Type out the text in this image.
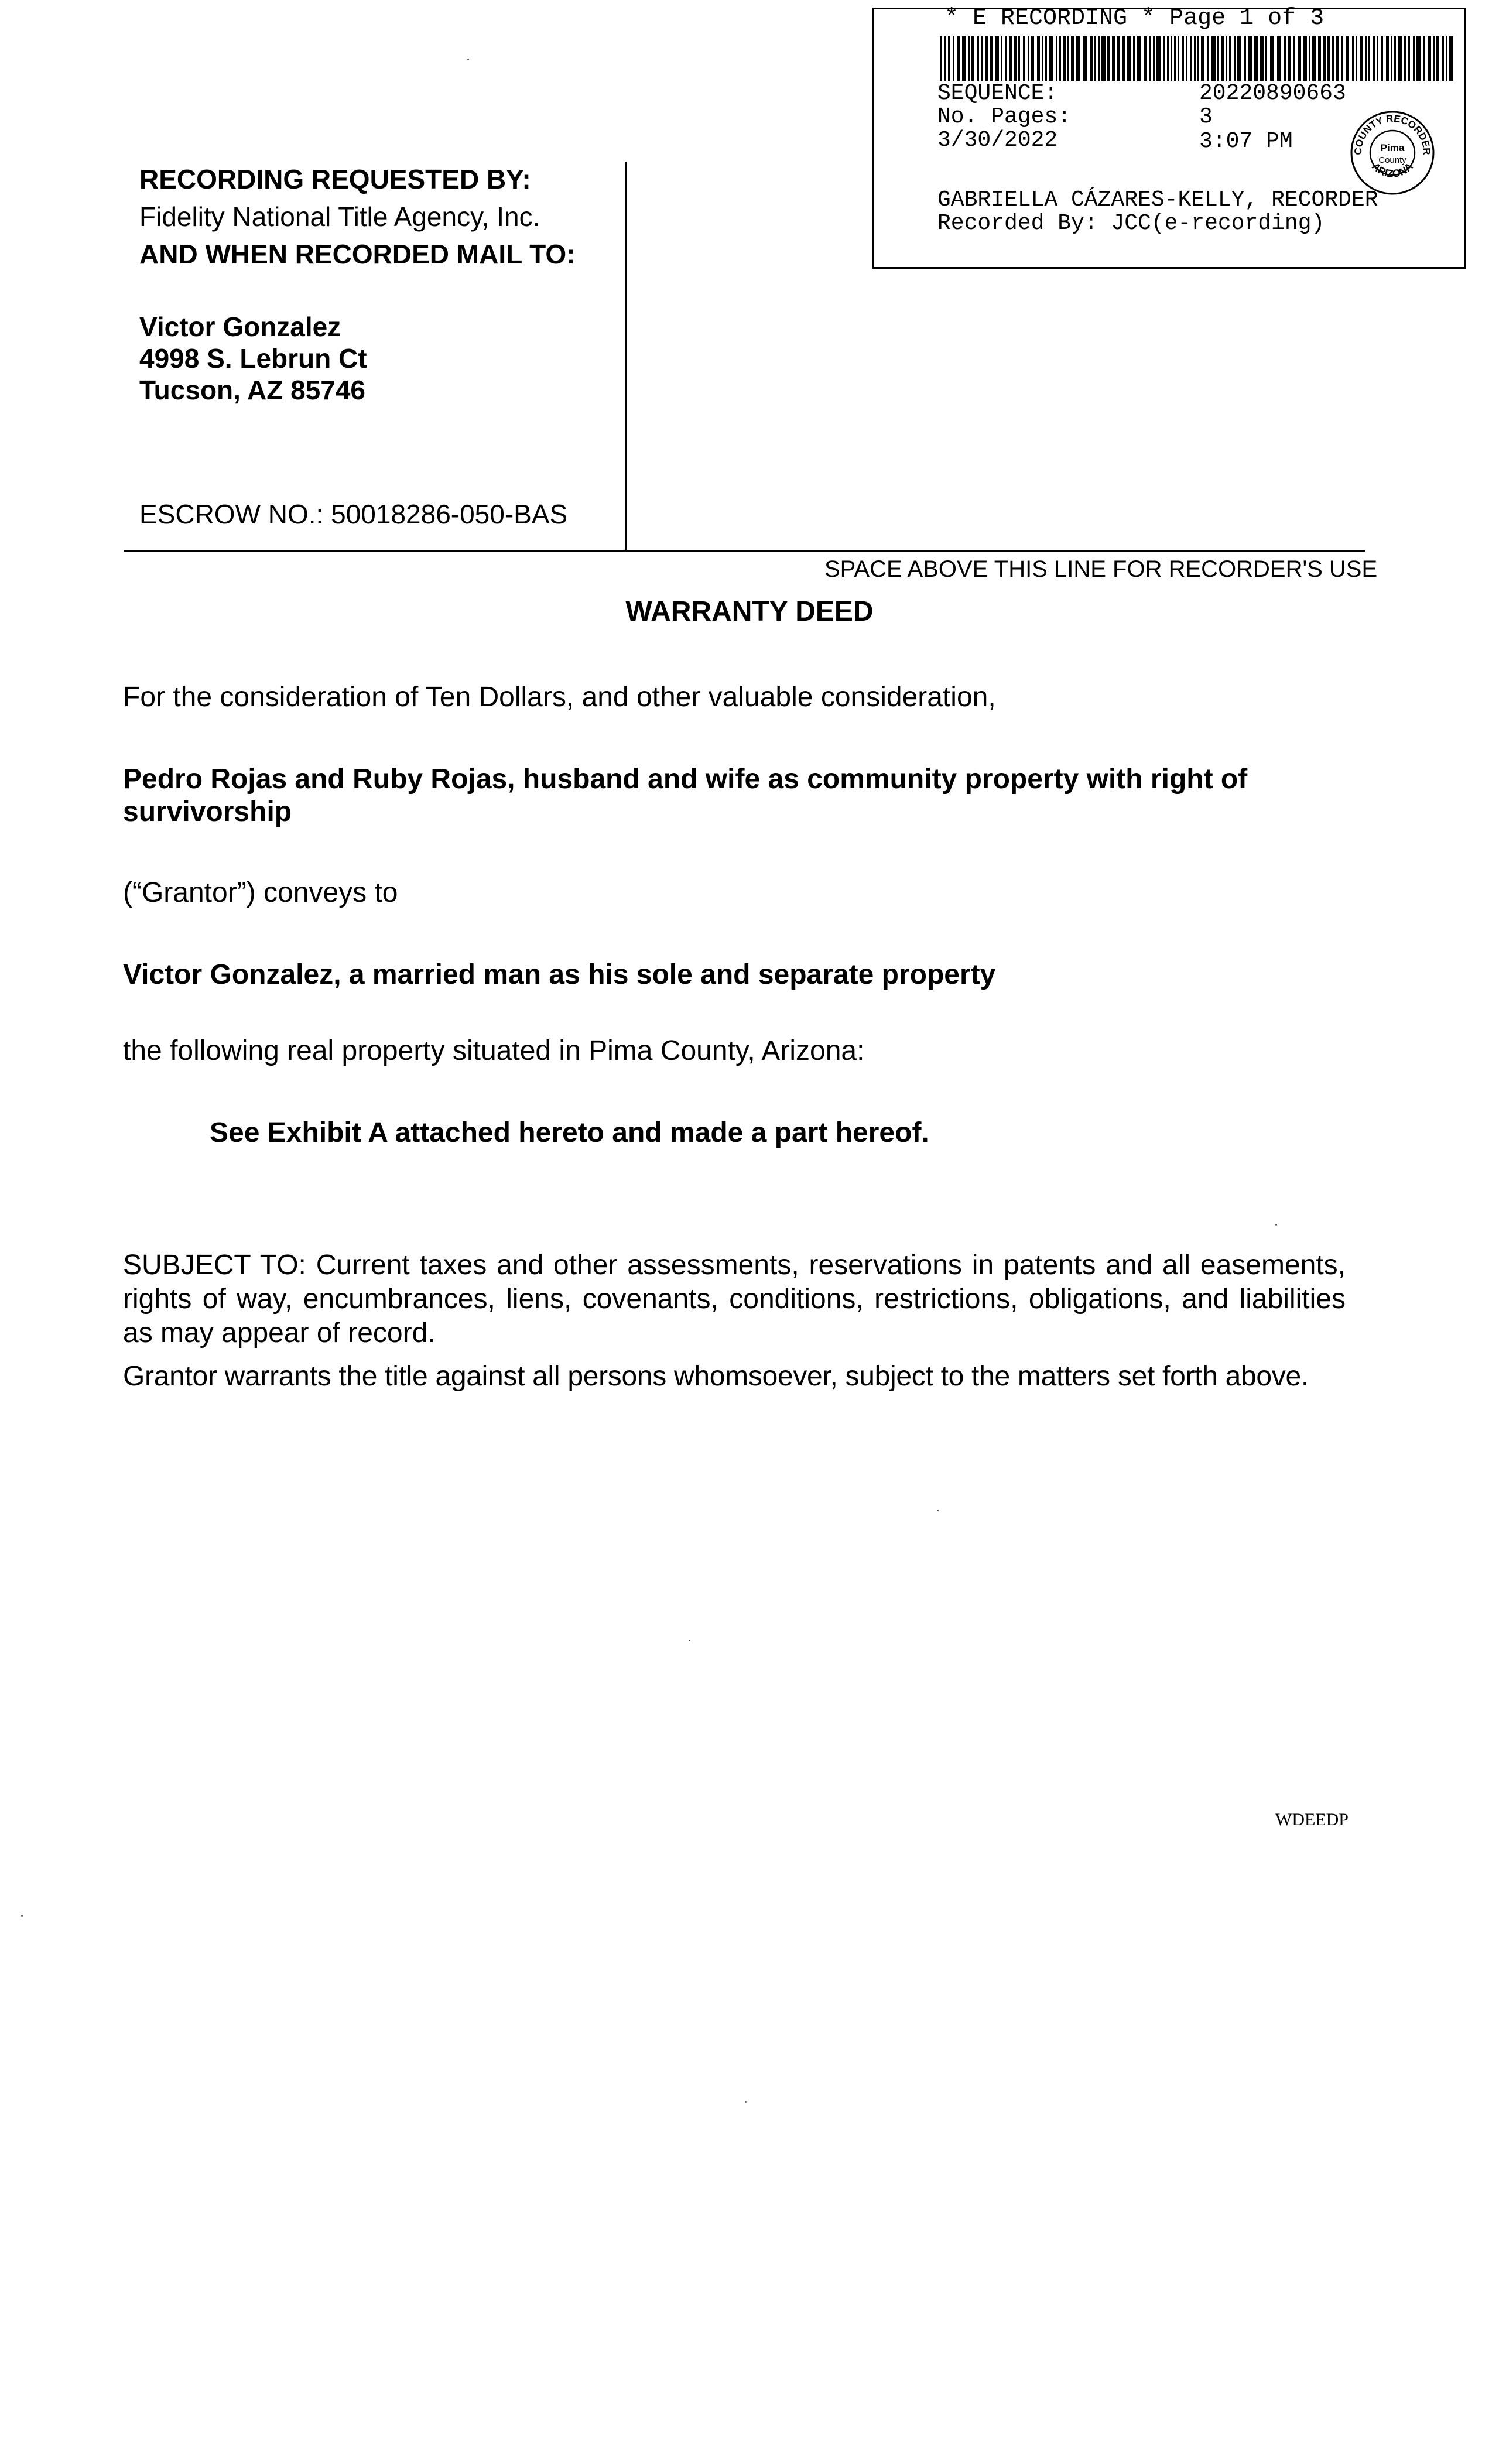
* E RECORDING * Page 1 of 3
SEQUENCE:	20220890663
No. Pages:	3
3/30/2022	3:07 PM
GABRIELLA CÁZARES-KELLY, RECORDER
Recorded By: JCC(e-recording)
COUNTY RECORDER
ARIZONA
Pima
County
RECORDING REQUESTED BY:
Fidelity National Title Agency, Inc.
AND WHEN RECORDED MAIL TO:
Victor Gonzalez
4998 S. Lebrun Ct
Tucson, AZ 85746
ESCROW NO.: 50018286-050-BAS
SPACE ABOVE THIS LINE FOR RECORDER'S USE
WARRANTY DEED
For the consideration of Ten Dollars, and other valuable consideration,
Pedro Rojas and Ruby Rojas, husband and wife as community property with right of
survivorship
(“Grantor”) conveys to
Victor Gonzalez, a married man as his sole and separate property
the following real property situated in Pima County, Arizona:
See Exhibit A attached hereto and made a part hereof.
SUBJECT TO: Current taxes and other assessments, reservations in patents and all easements, rights of way, encumbrances, liens, covenants, conditions, restrictions, obligations, and liabilities as may appear of record.
Grantor warrants the title against all persons whomsoever, subject to the matters set forth above.
WDEEDP
